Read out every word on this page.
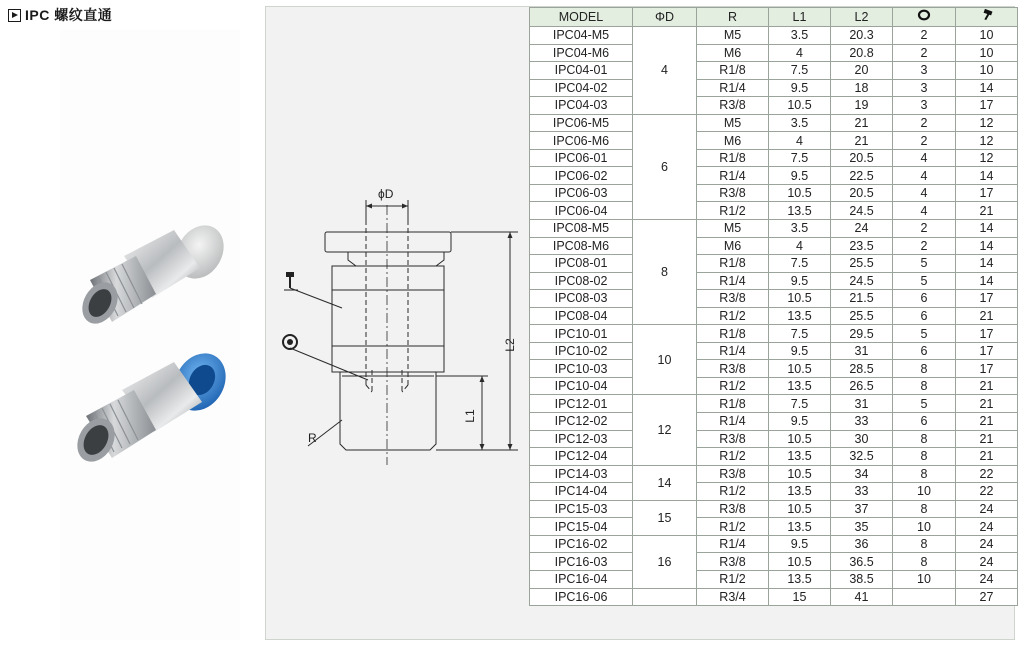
IPC 螺纹直通
ϕD
L2
L1
R
MODEL	ΦD	R	L1	L2		
IPC04-M5	4	M5	3.5	20.3	2	10
IPC04-M6		M6	4	20.8	2	10
IPC04-01		R1/8	7.5	20	3	10
IPC04-02		R1/4	9.5	18	3	14
IPC04-03		R3/8	10.5	19	3	17
IPC06-M5	6	M5	3.5	21	2	12
IPC06-M6		M6	4	21	2	12
IPC06-01		R1/8	7.5	20.5	4	12
IPC06-02		R1/4	9.5	22.5	4	14
IPC06-03		R3/8	10.5	20.5	4	17
IPC06-04		R1/2	13.5	24.5	4	21
IPC08-M5	8	M5	3.5	24	2	14
IPC08-M6		M6	4	23.5	2	14
IPC08-01		R1/8	7.5	25.5	5	14
IPC08-02		R1/4	9.5	24.5	5	14
IPC08-03		R3/8	10.5	21.5	6	17
IPC08-04		R1/2	13.5	25.5	6	21
IPC10-01	10	R1/8	7.5	29.5	5	17
IPC10-02		R1/4	9.5	31	6	17
IPC10-03		R3/8	10.5	28.5	8	17
IPC10-04		R1/2	13.5	26.5	8	21
IPC12-01	12	R1/8	7.5	31	5	21
IPC12-02		R1/4	9.5	33	6	21
IPC12-03		R3/8	10.5	30	8	21
IPC12-04		R1/2	13.5	32.5	8	21
IPC14-03	14	R3/8	10.5	34	8	22
IPC14-04		R1/2	13.5	33	10	22
IPC15-03	15	R3/8	10.5	37	8	24
IPC15-04		R1/2	13.5	35	10	24
IPC16-02	16	R1/4	9.5	36	8	24
IPC16-03		R3/8	10.5	36.5	8	24
IPC16-04		R1/2	13.5	38.5	10	24
IPC16-06		R3/4	15	41		27
